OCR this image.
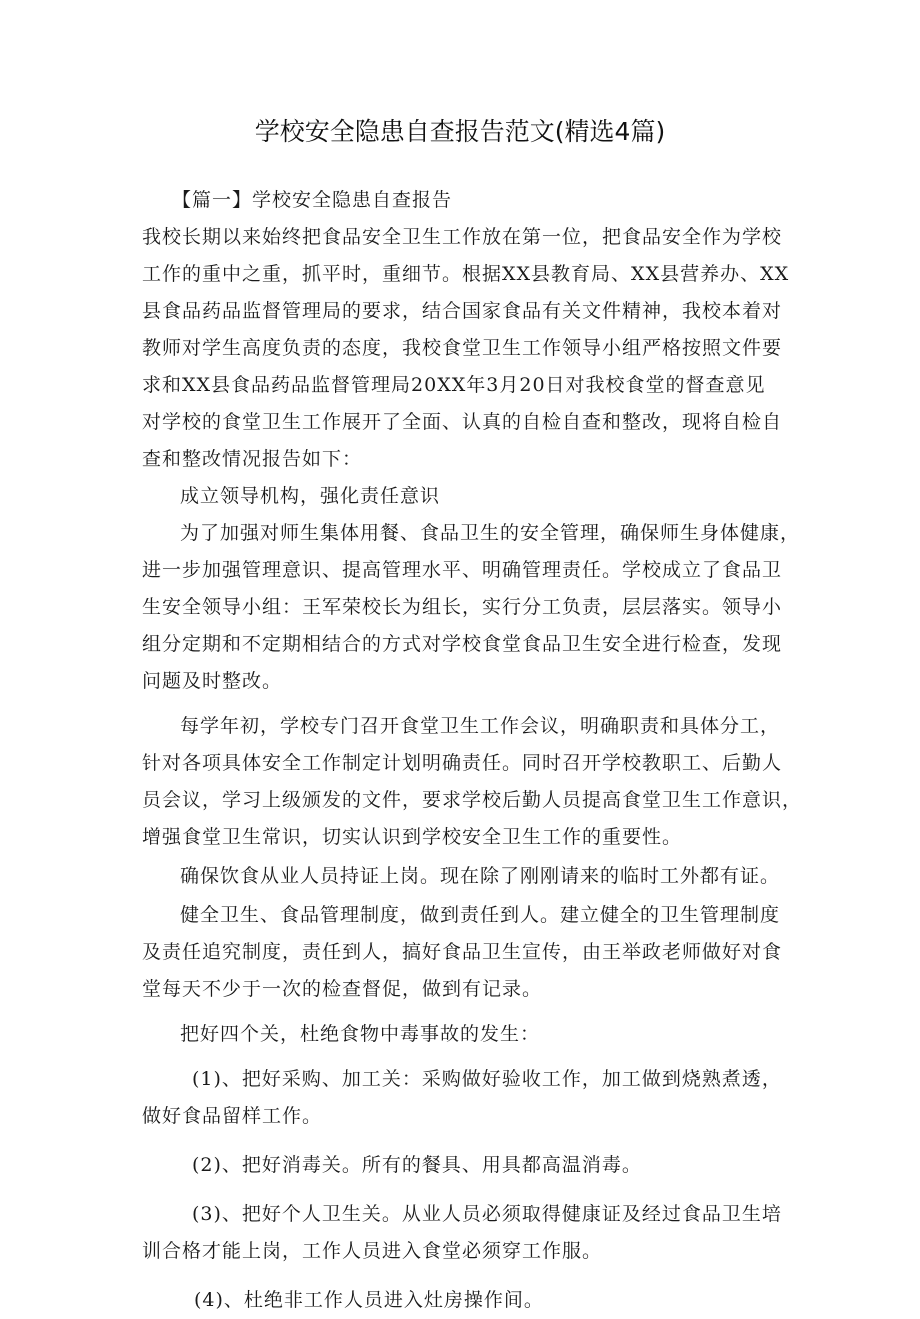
学校安全隐患自查报告范文(精选4篇)
【篇一】学校安全隐患自查报告
我校长期以来始终把食品安全卫生工作放在第一位，把食品安全作为学校
工作的重中之重，抓平时，重细节。根据XX县教育局、XX县营养办、XX
县食品药品监督管理局的要求，结合国家食品有关文件精神，我校本着对
教师对学生高度负责的态度，我校食堂卫生工作领导小组严格按照文件要
求和XX县食品药品监督管理局20XX年3月20日对我校食堂的督查意见
对学校的食堂卫生工作展开了全面、认真的自检自查和整改，现将自检自
查和整改情况报告如下：
成立领导机构，强化责任意识
为了加强对师生集体用餐、食品卫生的安全管理，确保师生身体健康，
进一步加强管理意识、提高管理水平、明确管理责任。学校成立了食品卫
生安全领导小组：王军荣校长为组长，实行分工负责，层层落实。领导小
组分定期和不定期相结合的方式对学校食堂食品卫生安全进行检查，发现
问题及时整改。
每学年初，学校专门召开食堂卫生工作会议，明确职责和具体分工，
针对各项具体安全工作制定计划明确责任。同时召开学校教职工、后勤人
员会议，学习上级颁发的文件，要求学校后勤人员提高食堂卫生工作意识，
增强食堂卫生常识，切实认识到学校安全卫生工作的重要性。
确保饮食从业人员持证上岗。现在除了刚刚请来的临时工外都有证。
健全卫生、食品管理制度，做到责任到人。建立健全的卫生管理制度
及责任追究制度，责任到人，搞好食品卫生宣传，由王举政老师做好对食
堂每天不少于一次的检查督促，做到有记录。
把好四个关，杜绝食物中毒事故的发生：
(1)、把好采购、加工关：采购做好验收工作，加工做到烧熟煮透，
做好食品留样工作。
(2)、把好消毒关。所有的餐具、用具都高温消毒。
(3)、把好个人卫生关。从业人员必须取得健康证及经过食品卫生培
训合格才能上岗，工作人员进入食堂必须穿工作服。
(4)、杜绝非工作人员进入灶房操作间。
